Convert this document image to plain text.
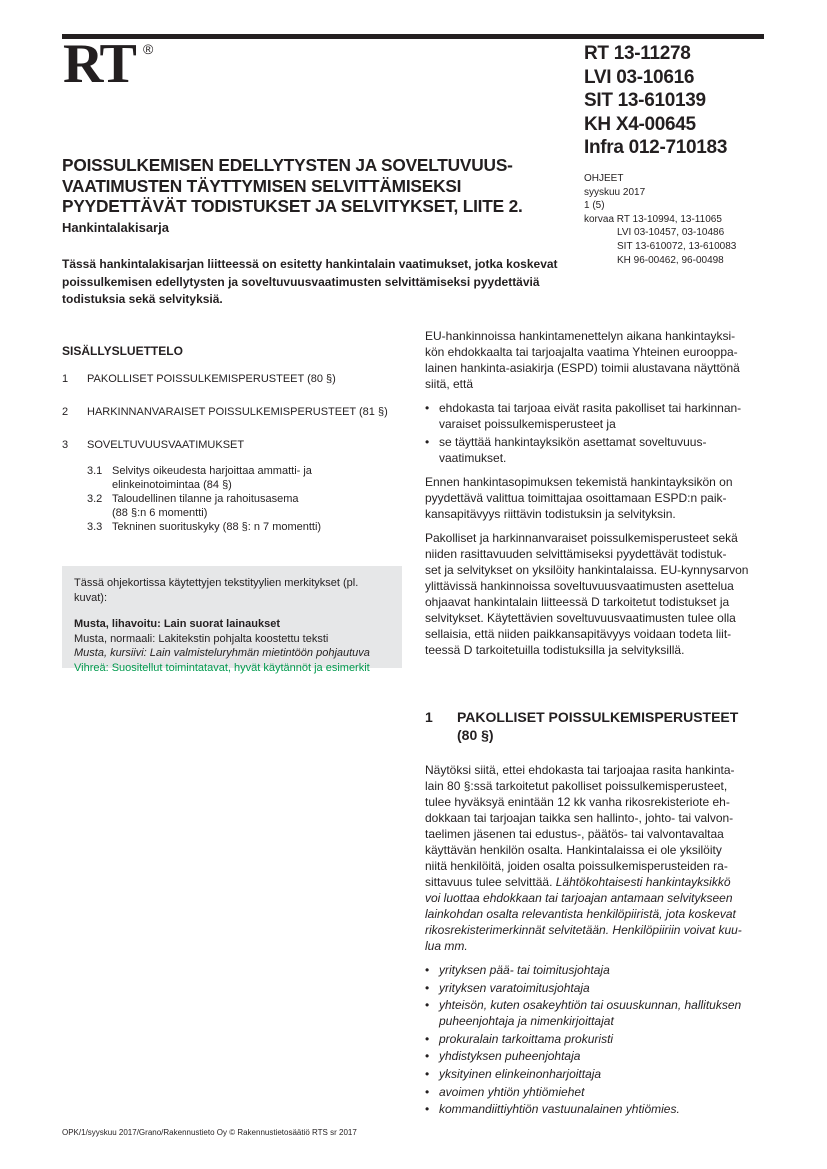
RT ®	RT 13-11278
LVI 03-10616
SIT 13-610139
KH X4-00645
Infra 012-710183
OHJEET
syyskuu 2017
1 (5)
korvaa RT 13-10994, 13-11065
LVI 03-10457, 03-10486
SIT 13-610072, 13-610083
KH 96-00462, 96-00498
POISSULKEMISEN EDELLYTYSTEN JA SOVELTUVUUS-
VAATIMUSTEN TÄYTTYMISEN SELVITTÄMISEKSI
PYYDETTÄVÄT TODISTUKSET JA SELVITYKSET, LIITE 2.
Hankintalakisarja
Tässä hankintalakisarjan liitteessä on esitetty hankintalain vaatimukset, jotka koskevat
poissulkemisen edellytysten ja soveltuvuusvaatimusten selvittämiseksi pyydettäviä
todistuksia sekä selvityksiä.
SISÄLLYSLUETTELO
1	PAKOLLISET POISSULKEMISPERUSTEET (80 §)
2	HARKINNANVARAISET POISSULKEMISPERUSTEET (81 §)
3	SOVELTUVUUSVAATIMUKSET
3.1 Selvitys oikeudesta harjoittaa ammatti- ja
elinkeinotoimintaa (84 §)
3.2 Taloudellinen tilanne ja rahoitusasema
(88 §:n 6 momentti)
3.3 Tekninen suorituskyky (88 §: n 7 momentti)
Tässä ohjekortissa käytettyjen tekstityylien merkitykset (pl. kuvat):
Musta, lihavoitu: Lain suorat lainaukset
Musta, normaali: Lakitekstin pohjalta koostettu teksti
Musta, kursiivi: Lain valmisteluryhmän mietintöön pohjautuva
Vihreä: Suositellut toimintatavat, hyvät käytännöt ja esimerkit

EU-hankinnoissa hankintamenettelyn aikana hankintayksi-
kön ehdokkaalta tai tarjoajalta vaatima Yhteinen eurooppa-
lainen hankinta-asiakirja (ESPD) toimii alustavana näyttönä
siitä, että

• ehdokasta tai tarjoaa eivät rasita pakolliset tai harkinnan-
varaiset poissulkemisperusteet ja
• se täyttää hankintayksikön asettamat soveltuvuus-
vaatimukset.

Ennen hankintasopimuksen tekemistä hankintayksikön on
pyydettävä valittua toimittajaa osoittamaan ESPD:n paik-
kansapitävyys riittävin todistuksin ja selvityksin.

Pakolliset ja harkinnanvaraiset poissulkemisperusteet sekä
niiden rasittavuuden selvittämiseksi pyydettävät todistuk-
set ja selvitykset on yksilöity hankintalaissa. EU-kynnysarvon
ylittävissä hankinnoissa soveltuvuusvaatimusten asettelua
ohjaavat hankintalain liitteessä D tarkoitetut todistukset ja
selvitykset. Käytettävien soveltuvuusvaatimusten tulee olla
sellaisia, että niiden paikkansapitävyys voidaan todeta liit-
teessä D tarkoitetuilla todistuksilla ja selvityksillä.

1	PAKOLLISET POISSULKEMISPERUSTEET
(80 §)

Näytöksi siitä, ettei ehdokasta tai tarjoajaa rasita hankinta-
lain 80 §:ssä tarkoitetut pakolliset poissulkemisperusteet,
tulee hyväksyä enintään 12 kk vanha rikosrekisteriote eh-
dokkaan tai tarjoajan taikka sen hallinto-, johto- tai valvon-
taelimen jäsenen tai edustus-, päätös- tai valvontavaltaa
käyttävän henkilön osalta. Hankintalaissa ei ole yksilöity
niitä henkilöitä, joiden osalta poissulkemisperusteiden ra-
sittavuus tulee selvittää. Lähtökohtaisesti hankintayksikkö
voi luottaa ehdokkaan tai tarjoajan antamaan selvitykseen
lainkohdan osalta relevantista henkilöpiiristä, jota koskevat
rikosrekisterimerkinnät selvitetään. Henkilöpiiriin voivat kuu-
lua mm.

• yrityksen pää- tai toimitusjohtaja
• yrityksen varatoimitusjohtaja
• yhteisön, kuten osakeyhtiön tai osuuskunnan, hallituksen
puheenjohtaja ja nimenkirjoittajat
• prokuralain tarkoittama prokuristi
• yhdistyksen puheenjohtaja
• yksityinen elinkeinonharjoittaja
• avoimen yhtiön yhtiömiehet
• kommandiittiyhtiön vastuunalainen yhtiömies.
OPK/1/syyskuu 2017/Grano/Rakennustieto Oy © Rakennustietosäätiö RTS sr 2017
